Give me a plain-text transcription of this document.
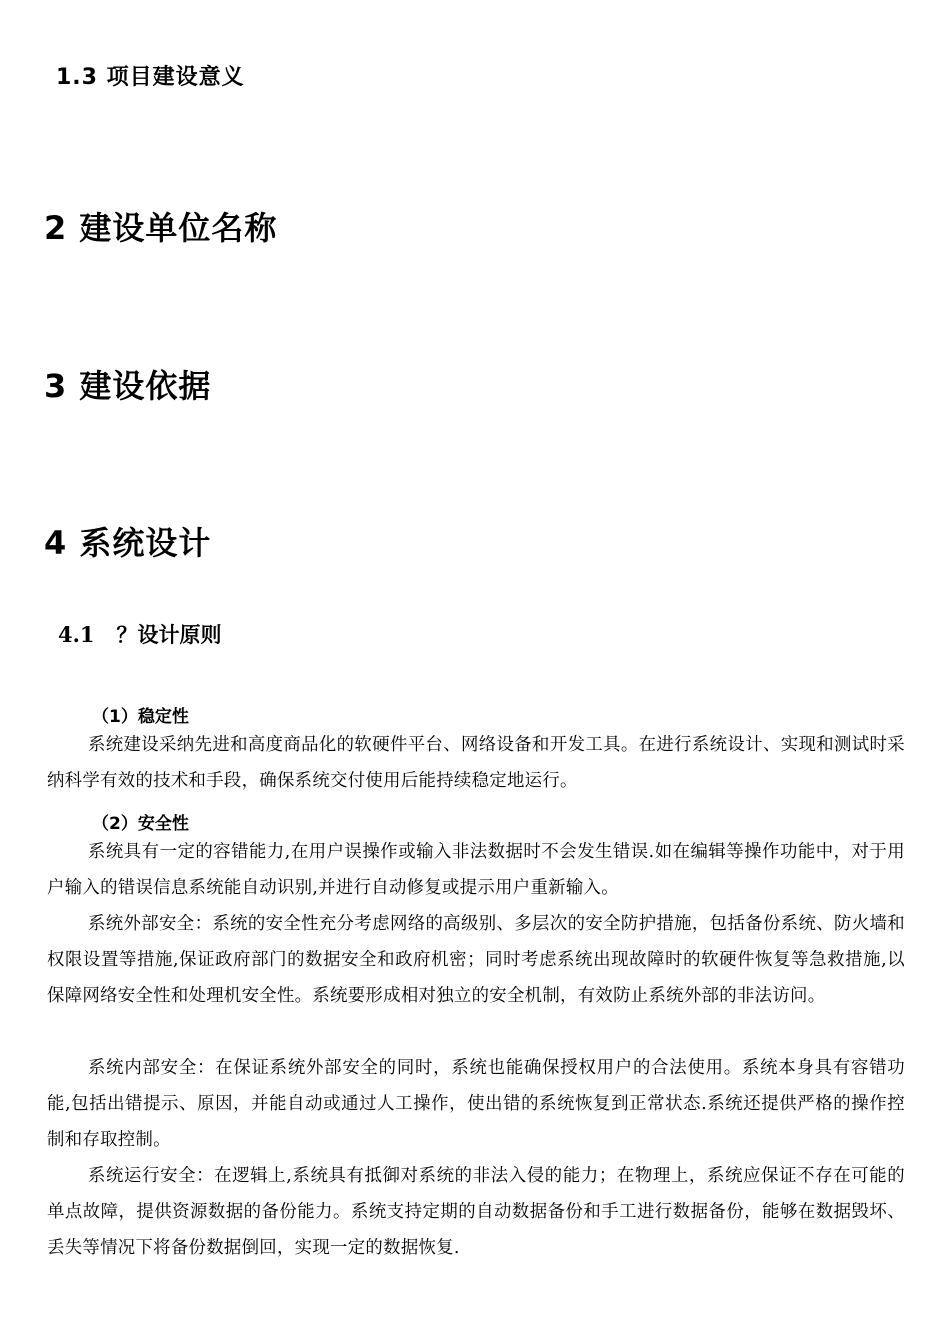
1.3 项目建设意义
2 建设单位名称
3 建设依据
4 系统设计
4.1 ？设计原则
（1）稳定性

系统建设采纳先进和高度商品化的软硬件平台、网络设备和开发工具。在进行系统设计、实现和测试时采纳科学有效的技术和手段，确保系统交付使用后能持续稳定地运行。

（2）安全性

系统具有一定的容错能力,在用户误操作或输入非法数据时不会发生错误.如在编辑等操作功能中，对于用户输入的错误信息系统能自动识别,并进行自动修复或提示用户重新输入。

系统外部安全：系统的安全性充分考虑网络的高级别、多层次的安全防护措施，包括备份系统、防火墙和权限设置等措施,保证政府部门的数据安全和政府机密；同时考虑系统出现故障时的软硬件恢复等急救措施,以保障网络安全性和处理机安全性。系统要形成相对独立的安全机制，有效防止系统外部的非法访问。

系统内部安全：在保证系统外部安全的同时，系统也能确保授权用户的合法使用。系统本身具有容错功能,包括出错提示、原因，并能自动或通过人工操作，使出错的系统恢复到正常状态.系统还提供严格的操作控制和存取控制。

系统运行安全：在逻辑上,系统具有抵御对系统的非法入侵的能力；在物理上，系统应保证不存在可能的单点故障，提供资源数据的备份能力。系统支持定期的自动数据备份和手工进行数据备份，能够在数据毁坏、丢失等情况下将备份数据倒回，实现一定的数据恢复.
